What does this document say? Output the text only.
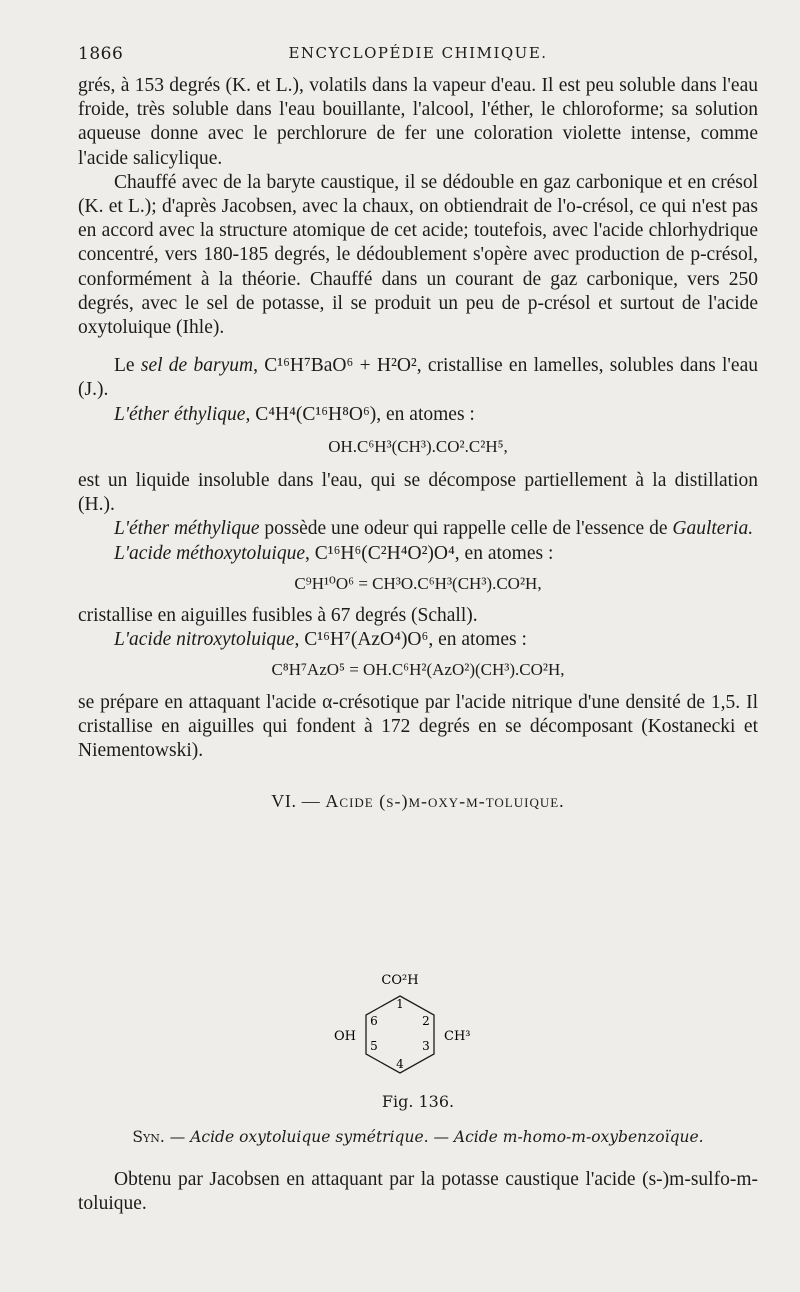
1866	ENCYCLOPÉDIE CHIMIQUE.

grés, à 153 degrés (K. et L.), volatils dans la vapeur d'eau. Il est peu soluble dans l'eau froide, très soluble dans l'eau bouillante, l'alcool, l'éther, le chloroforme; sa solution aqueuse donne avec le perchlorure de fer une coloration violette intense, comme l'acide salicylique.

Chauffé avec de la baryte caustique, il se dédouble en gaz carbonique et en crésol (K. et L.); d'après Jacobsen, avec la chaux, on obtiendrait de l'o-crésol, ce qui n'est pas en accord avec la structure atomique de cet acide; toutefois, avec l'acide chlorhydrique concentré, vers 180-185 degrés, le dédoublement s'opère avec production de p-crésol, conformément à la théorie. Chauffé dans un courant de gaz carbonique, vers 250 degrés, avec le sel de potasse, il se produit un peu de p-crésol et surtout de l'acide oxytoluique (Ihle).

Le sel de baryum, C¹⁶H⁷BaO⁶ + H²O², cristallise en lamelles, solubles dans l'eau (J.).

L'éther éthylique, C⁴H⁴(C¹⁶H⁸O⁶), en atomes :

OH.C⁶H³(CH³).CO².C²H⁵,

est un liquide insoluble dans l'eau, qui se décompose partiellement à la distillation (H.).

L'éther méthylique possède une odeur qui rappelle celle de l'essence de Gaulteria.

L'acide méthoxytoluique, C¹⁶H⁶(C²H⁴O²)O⁴, en atomes :

C⁹H¹⁰O⁶ = CH³O.C⁶H³(CH³).CO²H,

cristallise en aiguilles fusibles à 67 degrés (Schall).

L'acide nitroxytoluique, C¹⁶H⁷(AzO⁴)O⁶, en atomes :

C⁸H⁷AzO⁵ = OH.C⁶H²(AzO²)(CH³).CO²H,

se prépare en attaquant l'acide α-crésotique par l'acide nitrique d'une densité de 1,5. Il cristallise en aiguilles qui fondent à 172 degrés en se décomposant (Kostanecki et Niementowski).

VI. — Acide (s-)m-oxy-m-toluique.
CO²H
OH	CH³
1
2
3
4
5
6
Fig. 136.
Syn. — Acide oxytoluique symétrique. — Acide m-homo-m-oxybenzoïque.

Obtenu par Jacobsen en attaquant par la potasse caustique l'acide (s-)m-sulfo-m-toluique.
